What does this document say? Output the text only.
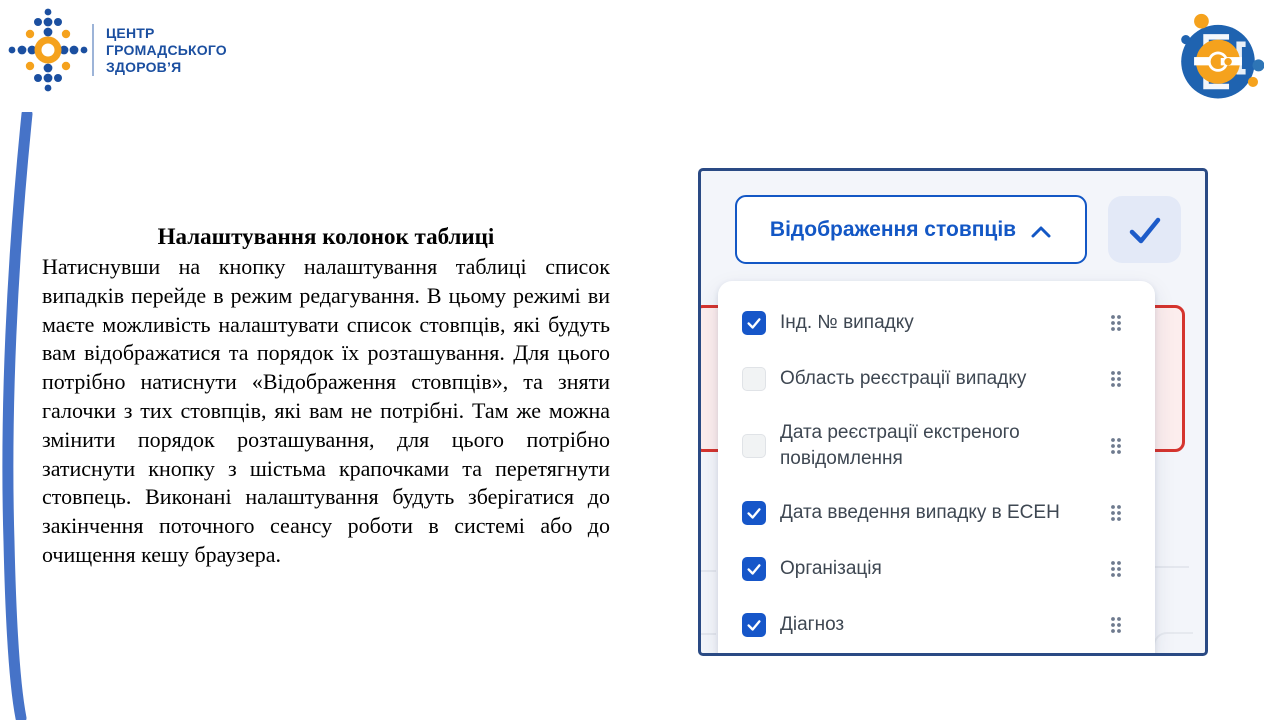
ЦЕНТР
ГРОМАДСЬКОГО
ЗДОРОВ’Я
Налаштування колонок таблиці

Натиснувши на кнопку налаштування таблиці список випадків перейде в режим редагування. В цьому режимі ви маєте можливість налаштувати список стовпців, які будуть вам відображатися та порядок їх розташування. Для цього потрібно натиснути «Відображення стовпців», та зняти галочки з тих стовпців, які вам не потрібні. Там же можна змінити порядок розташування, для цього потрібно затиснути кнопку з шістьма крапочками та перетягнути стовпець. Виконані налаштування будуть зберігатися до закінчення поточного сеансу роботи в системі або до очищення кешу браузера.

Відображення стовпців
Інд. № випадку
Область реєстрації випадку
Дата реєстрації екстреного повідомлення
Дата введення випадку в ЕСЕН
Організація
Діагноз
